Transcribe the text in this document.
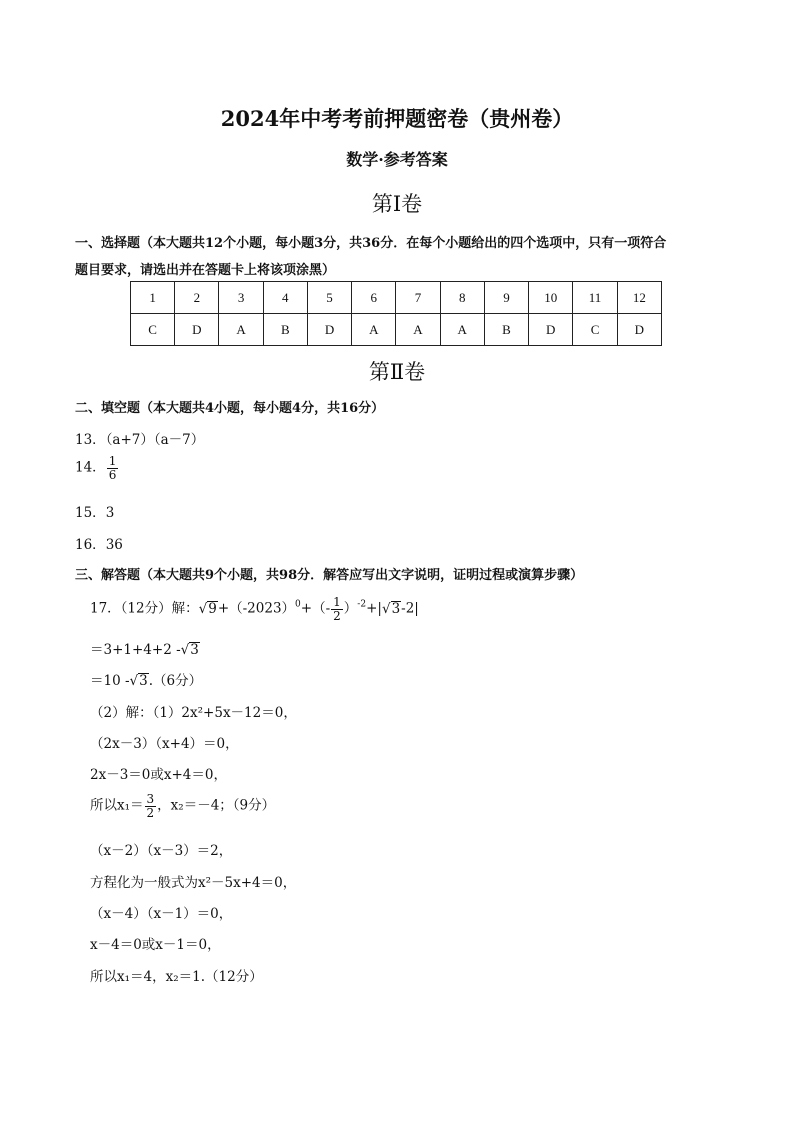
2024年中考考前押题密卷（贵州卷）
数学·参考答案
第Ⅰ卷
一、选择题（本大题共12个小题，每小题3分，共36分．在每个小题给出的四个选项中，只有一项符合
题目要求，请选出并在答题卡上将该项涂黑）
1	2	3	4	5	6	7	8	9	10	11	12
C	D	A	B	D	A	A	A	B	D	C	D
第Ⅱ卷
二、填空题（本大题共4小题，每小题4分，共16分）
13．（a+7）（a－7）
14． $\frac{1}{6}$
15．3
16．36
三、解答题（本大题共9个小题，共98分．解答应写出文字说明，证明过程或演算步骤）
17．（12分）解：$√9+(-2023)^0+(- \frac{1}{2} )^{-2}+|√3-2|$
＝3+1+4+2 -√3
＝10 -√3.（6分）
（2）解：（1）2x²+5x－12＝0，
（2x－3）（x+4）＝0，
2x－3＝0或x+4＝0，
所以$x_1= \frac{3}{2}$ ，x₂＝－4；（9分）
（x－2）（x－3）＝2，
方程化为一般式为x²－5x+4＝0，
（x－4）（x－1）＝0，
x－4＝0或x－1＝0，
所以x₁＝4，x₂＝1.（12分）
